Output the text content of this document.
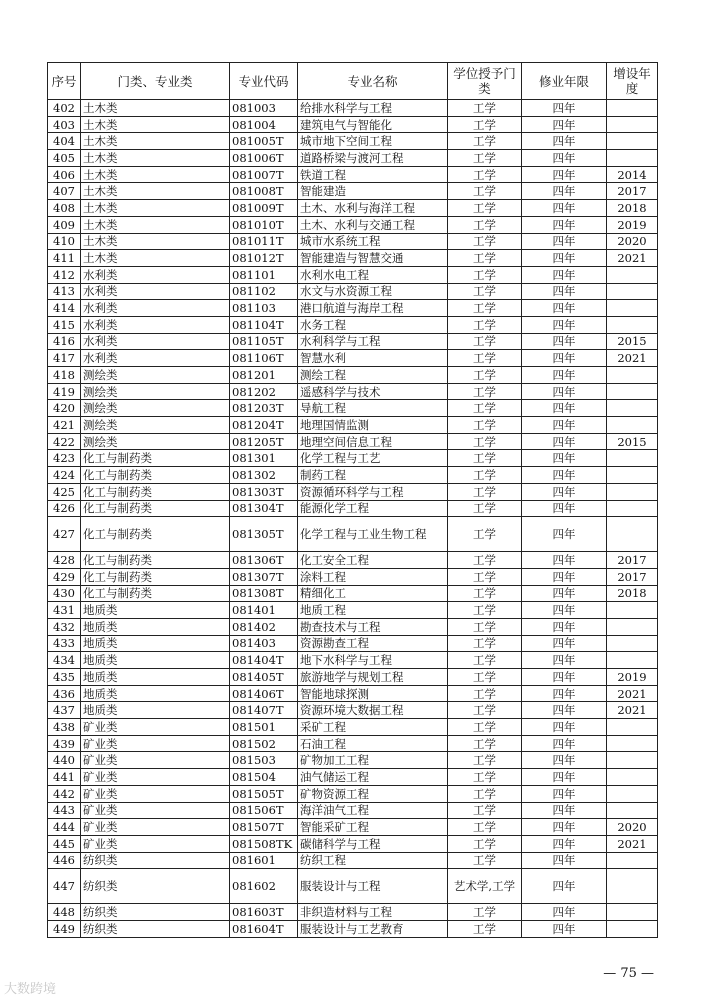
序号	门类、专业类	专业代码	专业名称	学位授予门类	修业年限	增设年度
402	土木类	081003	给排水科学与工程	工学	四年	
403	土木类	081004	建筑电气与智能化	工学	四年	
404	土木类	081005T	城市地下空间工程	工学	四年	
405	土木类	081006T	道路桥梁与渡河工程	工学	四年	
406	土木类	081007T	铁道工程	工学	四年	2014
407	土木类	081008T	智能建造	工学	四年	2017
408	土木类	081009T	土木、水利与海洋工程	工学	四年	2018
409	土木类	081010T	土木、水利与交通工程	工学	四年	2019
410	土木类	081011T	城市水系统工程	工学	四年	2020
411	土木类	081012T	智能建造与智慧交通	工学	四年	2021
412	水利类	081101	水利水电工程	工学	四年	
413	水利类	081102	水文与水资源工程	工学	四年	
414	水利类	081103	港口航道与海岸工程	工学	四年	
415	水利类	081104T	水务工程	工学	四年	
416	水利类	081105T	水利科学与工程	工学	四年	2015
417	水利类	081106T	智慧水利	工学	四年	2021
418	测绘类	081201	测绘工程	工学	四年	
419	测绘类	081202	遥感科学与技术	工学	四年	
420	测绘类	081203T	导航工程	工学	四年	
421	测绘类	081204T	地理国情监测	工学	四年	
422	测绘类	081205T	地理空间信息工程	工学	四年	2015
423	化工与制药类	081301	化学工程与工艺	工学	四年	
424	化工与制药类	081302	制药工程	工学	四年	
425	化工与制药类	081303T	资源循环科学与工程	工学	四年	
426	化工与制药类	081304T	能源化学工程	工学	四年	
427	化工与制药类	081305T	化学工程与工业生物工程	工学	四年	
428	化工与制药类	081306T	化工安全工程	工学	四年	2017
429	化工与制药类	081307T	涂料工程	工学	四年	2017
430	化工与制药类	081308T	精细化工	工学	四年	2018
431	地质类	081401	地质工程	工学	四年	
432	地质类	081402	勘查技术与工程	工学	四年	
433	地质类	081403	资源勘查工程	工学	四年	
434	地质类	081404T	地下水科学与工程	工学	四年	
435	地质类	081405T	旅游地学与规划工程	工学	四年	2019
436	地质类	081406T	智能地球探测	工学	四年	2021
437	地质类	081407T	资源环境大数据工程	工学	四年	2021
438	矿业类	081501	采矿工程	工学	四年	
439	矿业类	081502	石油工程	工学	四年	
440	矿业类	081503	矿物加工工程	工学	四年	
441	矿业类	081504	油气储运工程	工学	四年	
442	矿业类	081505T	矿物资源工程	工学	四年	
443	矿业类	081506T	海洋油气工程	工学	四年	
444	矿业类	081507T	智能采矿工程	工学	四年	2020
445	矿业类	081508TK	碳储科学与工程	工学	四年	2021
446	纺织类	081601	纺织工程	工学	四年	
447	纺织类	081602	服装设计与工程	艺术学,工学	四年	
448	纺织类	081603T	非织造材料与工程	工学	四年	
449	纺织类	081604T	服装设计与工艺教育	工学	四年	
— 75 —
大数跨境
